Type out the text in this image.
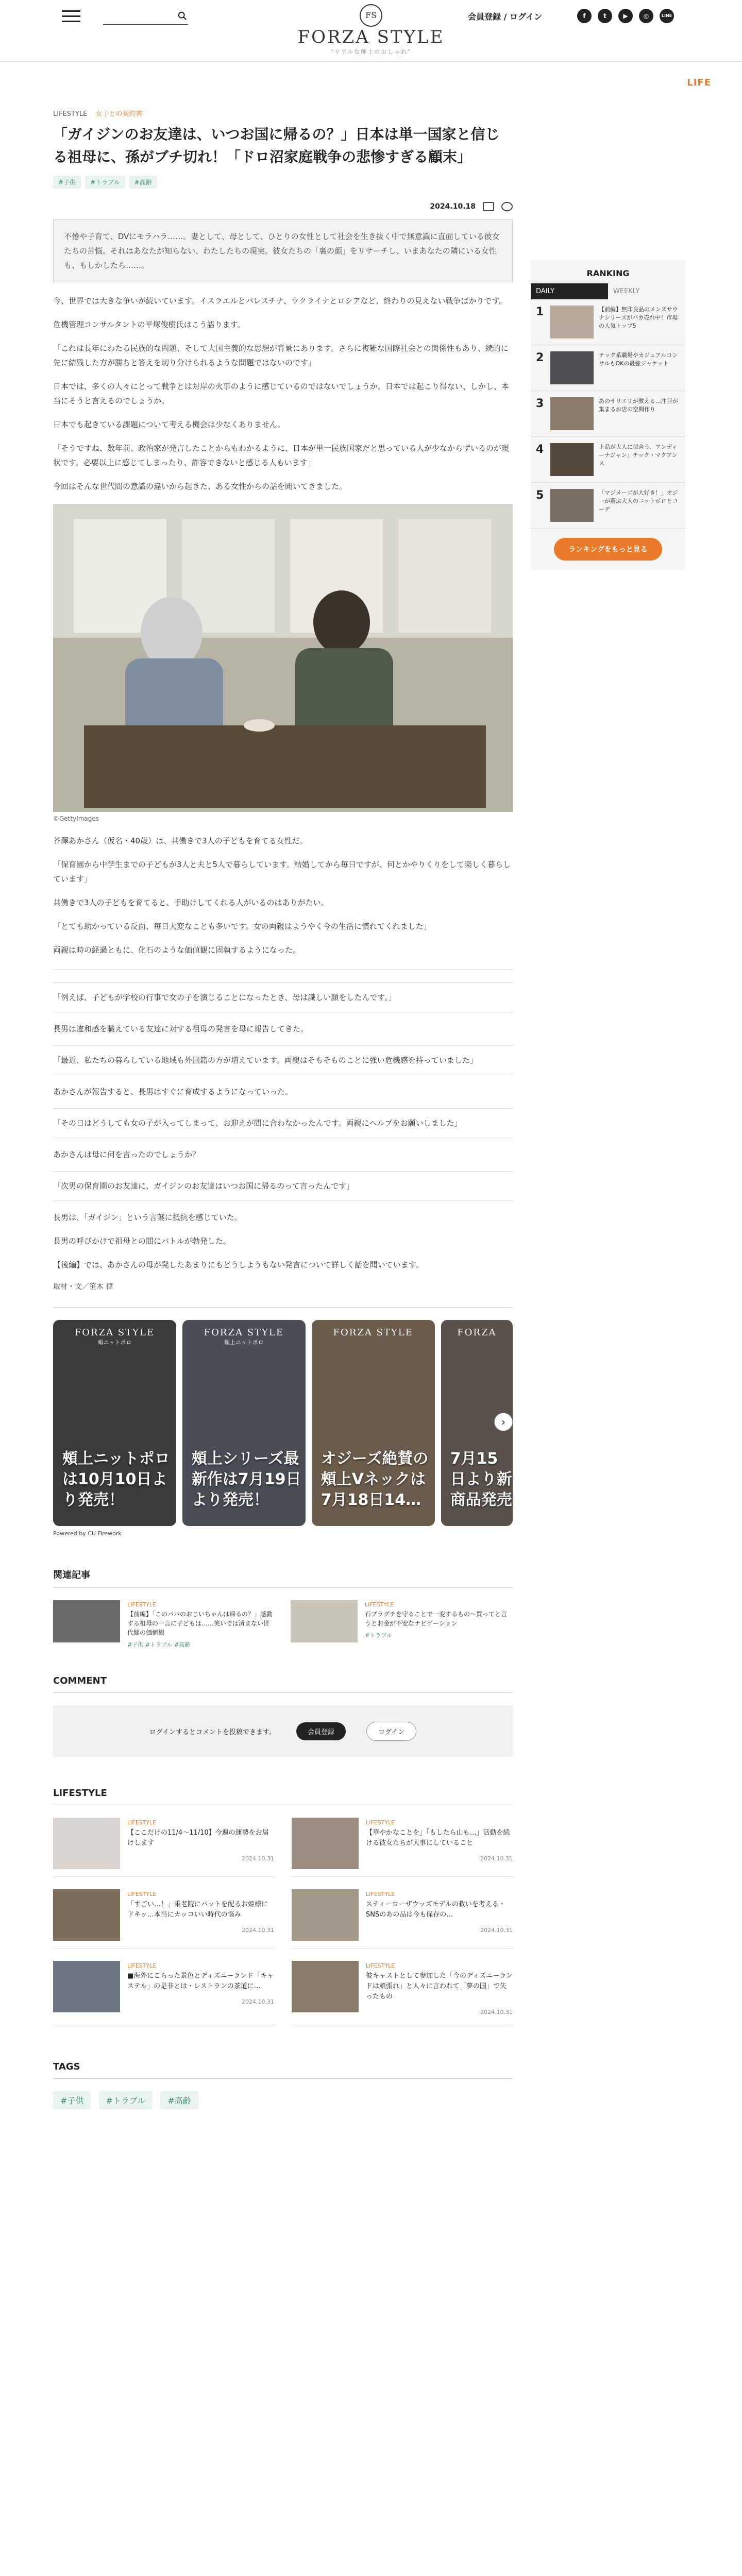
FS
FORZA STYLE
“リアルな紳士のおしゃれ”
会員登録 / ログイン	f	t	▶	◎	LINE
LIFE
LIFESTYLE 女子との契約書
「ガイジンのお友達は、いつお国に帰るの？」日本は単一国家と信じる祖母に、孫がブチ切れ！「ドロ沼家庭戦争の悲惨すぎる顧末」
#子供	#トラブル	#高齢
2024.10.18
不倦や子育て、DVにモラハラ……。妻として、母として、ひとりの女性として社会を生き抜く中で無意識に直面している彼女たちの苦悩。それはあなたが知らない、わたしたちの現実。彼女たちの「裏の顔」をリサーチし、いまあなたの隣にいる女性も、もしかしたら……。

今、世界では大きな争いが続いています。イスラエルとパレスチナ、ウクライナとロシアなど、終わりの見えない戦争ばかりです。

危機管理コンサルタントの平塚俊樹氏はこう語ります。

「これは長年にわたる民族的な問題、そして大国主義的な思想が背景にあります。さらに複雑な国際社会との関係性もあり、続的に先に結残した方が勝ちと答えを切り分けられるような問題ではないのです」

日本では、多くの人々にとって戦争とは対岸の火事のように感じているのではないでしょうか。日本では起こり得ない、しかし、本当にそうと言えるのでしょうか。

日本でも起きている課題について考える機会は少なくありません。

「そうですね、数年前、政治家が発言したことからもわかるように、日本が単一民族国家だと思っている人が少なからずいるのが現状です。必要以上に感じてしまったり、許容できないと感じる人もいます」

今回はそんな世代間の意識の違いから起きた、ある女性からの話を聞いてきました。

©GettyImages

芥澤あかさん（仮名・40歳）は、共働きで3人の子どもを育てる女性だ。

「保育園から中学生までの子どもが3人と夫と5人で暮らしています。結婚してから毎日ですが、何とかやりくりをして楽しく暮らしています」

共働きで3人の子どもを育てると、手助けしてくれる人がいるのはありがたい。

「とても助かっている反面、毎日大変なことも多いです。女の両親はようやく今の生活に慣れてくれました」

両親は時の経過ともに、化石のような価値観に固執するようになった。

「例えば、子どもが学校の行事で女の子を演じることになったとき、母は識しい顔をしたんです。」

長男は違和感を職えている友達に対する祖母の発言を母に報告してきた。

「最近、私たちの暮らしている地域も外国籍の方が増えています。両親はそもそものことに強い危機感を持っていました」

あかさんが報告すると、長男はすぐに育成するようになっていった。

「その日はどうしても女の子が入ってしまって、お迎えが間に合わなかったんです。両親にヘルプをお願いしました」

あかさんは母に何を言ったのでしょうか？

「次男の保育園のお友達に、ガイジンのお友達はいつお国に帰るのって言ったんです」

長男は、「ガイジン」という言葉に抵抗を感じていた。

長男の呼びかけで祖母との間にバトルが勃発した。

【後編】では、あかさんの母が発したあまりにもどうしようもない発言について詳しく話を聞いています。

取材・文／笹木 律
FORZA STYLE
頰ニットポロ
頰上ニットポロは10月10日より発売！
FORZA STYLE
頰上ニットポロ
頰上シリーズ最新作は7月19日より発売！
FORZA STYLE
オジーズ絶賛の頰上Vネックは7月18日14…
FORZA
7月15日より新商品発売
›
Powered by CU Firework
関連記事
LIFESTYLE
【前編】「このパパのおじいちゃんは帰るの？」感動する祖母の一言に子どもは……笑いでは済まない世代間の価値観
#子供 #トラブル #高齢
LIFESTYLE
石ブラグチを守ることで一変するもの～買ってと言うとお金が不安なナビゲーション
#トラブル
COMMENT
ログインするとコメントを投稿できます。	会員登録	ログイン
LIFESTYLE
LIFESTYLE
【ここだけの11/4〜11/10】今週の運勢をお届けします
2024.10.31
LIFESTYLE
【華やかなことを」「もしたら山も…」活動を続ける彼女たちが大事にしていること
2024.10.31
LIFESTYLE
「すごい…！」乗老院にパットを配るお姫様にドキッ…本当にカッコいい時代の悩み
2024.10.31
LIFESTYLE
スティーローザウッズモデルの救いを考える・SNSのあの品は今も保存の…
2024.10.31
LIFESTYLE
■海外にこらった景色とディズニーランド「キャステル」の是非とは・レストランの茶道に…
2024.10.31
LIFESTYLE
彼キャストとして参加した「今のディズニーランドは頑張れ」と人々に言われて「夢の国」で失ったもの
2024.10.31
TAGS
#子供	#トラブル	#高齢
RANKING
DAILY	WEEKLY
1	【前編】無印良品のメンズサウナシリーズがバカ売れ中！市場の人気トップ5
2	テック系職場やカジュアルコンサルもOKの最強ジャケット
3	あのサリエリが教える…注目が集まるお店の空間作り
4	上品が大人に似合う、アンディーナジャン」チック・マクアンス
5	「マジメーゴが大好き！」オジーが選ぶ大人のニットポロとコーデ
ランキングをもっと見る
